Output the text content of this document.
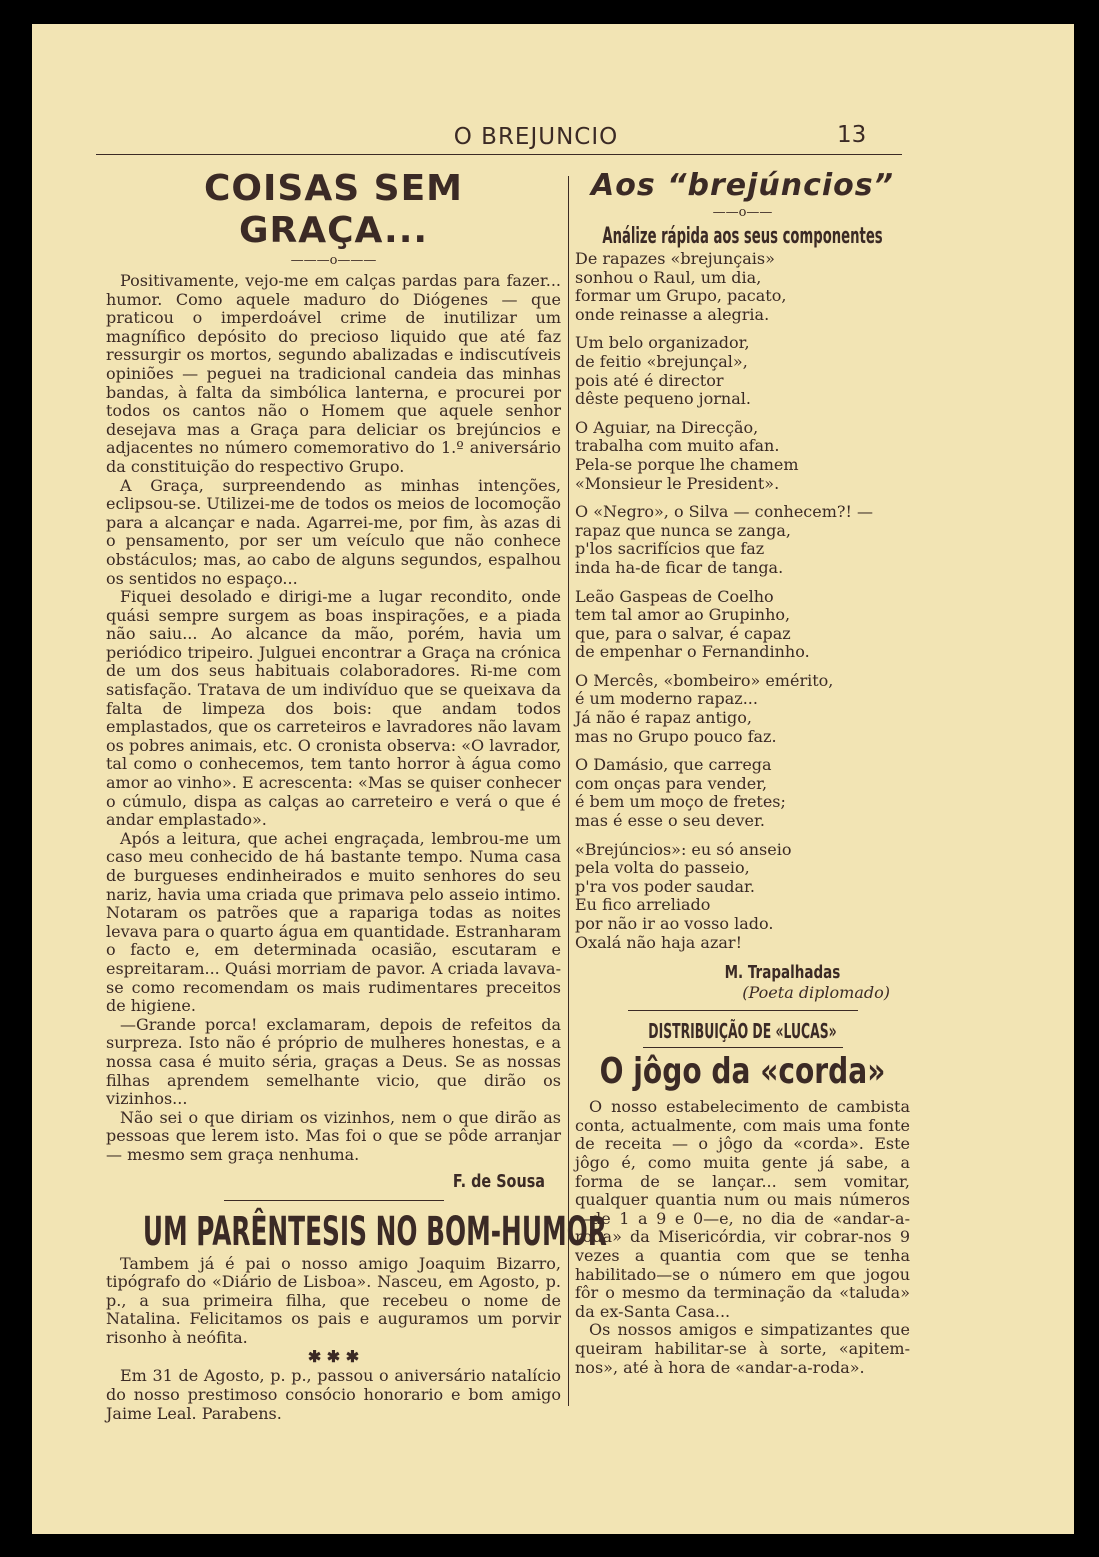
O BREJUNCIO	13
COISAS SEM GRAÇA...
———o———

Positivamente, vejo-me em calças pardas para fazer... humor. Como aquele maduro do Diógenes — que praticou o imperdoável crime de inutilizar um magnífico depósito do precioso liquido que até faz ressurgir os mortos, segundo abalizadas e indiscutíveis opiniões — peguei na tradicional candeia das minhas bandas, à falta da simbólica lanterna, e procurei por todos os cantos não o Homem que aquele senhor desejava mas a Graça para deliciar os brejúncios e adjacentes no número comemorativo do 1.º aniversário da constituição do respectivo Grupo.

A Graça, surpreendendo as minhas intenções, eclipsou-se. Utilizei-me de todos os meios de locomoção para a alcançar e nada. Agarrei-me, por fim, às azas di o pensamento, por ser um veículo que não conhece obstáculos; mas, ao cabo de alguns segundos, espalhou os sentidos no espaço...

Fiquei desolado e dirigi-me a lugar recondito, onde quási sempre surgem as boas inspirações, e a piada não saiu... Ao alcance da mão, porém, havia um periódico tripeiro. Julguei encontrar a Graça na crónica de um dos seus habituais colaboradores. Ri-me com satisfação. Tratava de um indivíduo que se queixava da falta de limpeza dos bois: que andam todos emplastados, que os carreteiros e lavradores não lavam os pobres animais, etc. O cronista observa: «O lavrador, tal como o conhecemos, tem tanto horror à água como amor ao vinho». E acrescenta: «Mas se quiser conhecer o cúmulo, dispa as calças ao carreteiro e verá o que é andar emplastado».

Após a leitura, que achei engraçada, lembrou-me um caso meu conhecido de há bastante tempo. Numa casa de burgueses endinheirados e muito senhores do seu nariz, havia uma criada que primava pelo asseio intimo. Notaram os patrões que a rapariga todas as noites levava para o quarto água em quantidade. Estranharam o facto e, em determinada ocasião, escutaram e espreitaram... Quási morriam de pavor. A criada lavava-se como recomendam os mais rudimentares preceitos de higiene.

—Grande porca! exclamaram, depois de refeitos da surpreza. Isto não é próprio de mulheres honestas, e a nossa casa é muito séria, graças a Deus. Se as nossas filhas aprendem semelhante vicio, que dirão os vizinhos...

Não sei o que diriam os vizinhos, nem o que dirão as pessoas que lerem isto. Mas foi o que se pôde arranjar — mesmo sem graça nenhuma.

F. de Sousa
UM PARÊNTESIS NO BOM-HUMOR

Tambem já é pai o nosso amigo Joaquim Bizarro, tipógrafo do «Diário de Lisboa». Nasceu, em Agosto, p. p., a sua primeira filha, que recebeu o nome de Natalina. Felicitamos os pais e auguramos um porvir risonho à neófita.

✱ ✱ ✱

Em 31 de Agosto, p. p., passou o aniversário natalício do nosso prestimoso consócio honorario e bom amigo Jaime Leal. Parabens.

Aos “brejúncios”
——o——
Análize rápida aos seus componentes
De rapazes «brejunçais»
sonhou o Raul, um dia,
formar um Grupo, pacato,
onde reinasse a alegria.
Um belo organizador,
de feitio «brejunçal»,
pois até é director
dêste pequeno jornal.
O Aguiar, na Direcção,
trabalha com muito afan.
Pela-se porque lhe chamem
«Monsieur le President».
O «Negro», o Silva — conhecem?! —
rapaz que nunca se zanga,
p'los sacrifícios que faz
inda ha-de ficar de tanga.
Leão Gaspeas de Coelho
tem tal amor ao Grupinho,
que, para o salvar, é capaz
de empenhar o Fernandinho.
O Mercês, «bombeiro» emérito,
é um moderno rapaz...
Já não é rapaz antigo,
mas no Grupo pouco faz.
O Damásio, que carrega
com onças para vender,
é bem um moço de fretes;
mas é esse o seu dever.
«Brejúncios»: eu só anseio
pela volta do passeio,
p'ra vos poder saudar.
Eu fico arreliado
por não ir ao vosso lado.
Oxalá não haja azar!
M. Trapalhadas
(Poeta diplomado)
DISTRIBUIÇÃO DE «LUCAS»
O jôgo da «corda»

O nosso estabelecimento de cambista conta, actualmente, com mais uma fonte de receita — o jôgo da «corda». Este jôgo é, como muita gente já sabe, a forma de se lançar... sem vomitar, qualquer quantia num ou mais números—de 1 a 9 e 0—e, no dia de «andar-a-roda» da Misericórdia, vir cobrar-nos 9 vezes a quantia com que se tenha habilitado—se o número em que jogou fôr o mesmo da terminação da «taluda» da ex-Santa Casa...

Os nossos amigos e simpatizantes que queiram habilitar-se à sorte, «apitem-nos», até à hora de «andar-a-roda».
